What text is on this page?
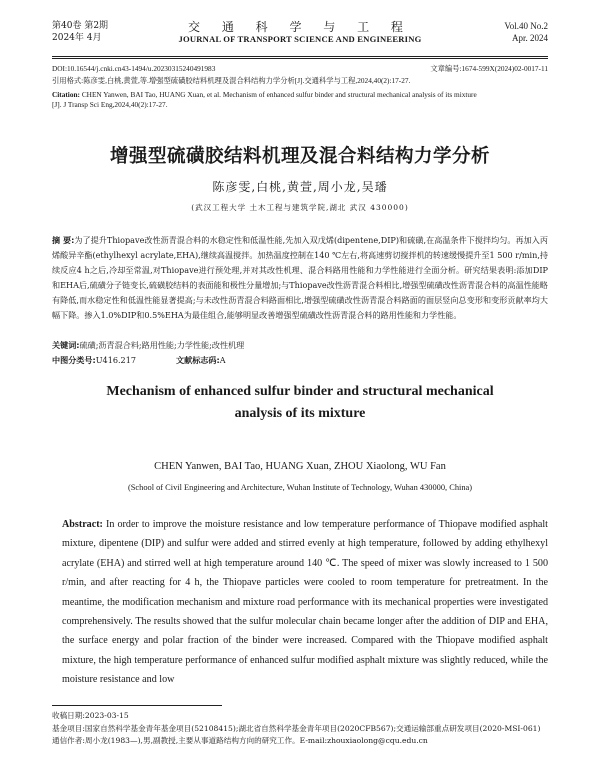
第40卷 第2期
2024年 4月
交 通 科 学 与 工 程
JOURNAL OF TRANSPORT SCIENCE AND ENGINEERING
Vol.40 No.2
Apr. 2024
DOI:10.16544/j.cnki.cn43-1494/u.20230315240491983	文章编号:1674-599X(2024)02-0017-11
引用格式:陈彦雯,白桃,黄萱,等.增强型硫磺胶结料机理及混合料结构力学分析[J].交通科学与工程,2024,40(2):17-27.
Citation: CHEN Yanwen, BAI Tao, HUANG Xuan, et al. Mechanism of enhanced sulfur binder and structural mechanical analysis of its mixture
[J]. J Transp Sci Eng,2024,40(2):17-27.
增强型硫磺胶结料机理及混合料结构力学分析
陈彦雯,白桃,黄萱,周小龙,吴璠
(武汉工程大学 土木工程与建筑学院,湖北 武汉 430000)
摘 要:为了提升Thiopave改性沥青混合料的水稳定性和低温性能,先加入双戊烯(dipentene,DIP)和硫磺,在高温条件下搅拌均匀。再加入丙烯酸异辛酯(ethylhexyl acrylate,EHA),继续高温搅拌。加热温度控制在140 ℃左右,将高速剪切搅拌机的转速缓慢提升至1 500 r/min,持续反应4 h之后,冷却至常温,对Thiopave进行预处理,并对其改性机理、混合料路用性能和力学性能进行全面分析。研究结果表明:添加DIP和EHA后,硫磺分子链变长,硫磺胶结料的表面能和极性分量增加;与Thiopave改性沥青混合料相比,增强型硫磺改性沥青混合料的高温性能略有降低,而水稳定性和低温性能显著提高;与未改性沥青混合料路面相比,增强型硫磺改性沥青混合料路面的面层竖向总变形和变形贡献率均大幅下降。掺入1.0%DIP和0.5%EHA为最佳组合,能够明显改善增强型硫磺改性沥青混合料的路用性能和力学性能。
关键词:硫磺;沥青混合料;路用性能;力学性能;改性机理
中图分类号:U416.217	文献标志码:A
Mechanism of enhanced sulfur binder and structural mechanical
analysis of its mixture
CHEN Yanwen, BAI Tao, HUANG Xuan, ZHOU Xiaolong, WU Fan
(School of Civil Engineering and Architecture, Wuhan Institute of Technology, Wuhan 430000, China)
Abstract: In order to improve the moisture resistance and low temperature performance of Thiopave modified asphalt mixture, dipentene (DIP) and sulfur were added and stirred evenly at high temperature, followed by adding ethylhexyl acrylate (EHA) and stirred well at high temperature around 140 ℃. The speed of mixer was slowly increased to 1 500 r/min, and after reacting for 4 h, the Thiopave particles were cooled to room temperature for pretreatment. In the meantime, the modification mechanism and mixture road performance with its mechanical properties were investigated comprehensively. The results showed that the sulfur molecular chain became longer after the addition of DIP and EHA, the surface energy and polar fraction of the binder were increased. Compared with the Thiopave modified asphalt mixture, the high temperature performance of enhanced sulfur modified asphalt mixture was slightly reduced, while the moisture resistance and low
收稿日期:2023-03-15
基金项目:国家自然科学基金青年基金项目(52108415);湖北省自然科学基金青年项目(2020CFB567);交通运输部重点研发项目(2020-MSI-061)
通信作者:周小龙(1983—),男,副教授,主要从事道路结构方向的研究工作。E-mail:zhouxiaolong@cqu.edu.cn
